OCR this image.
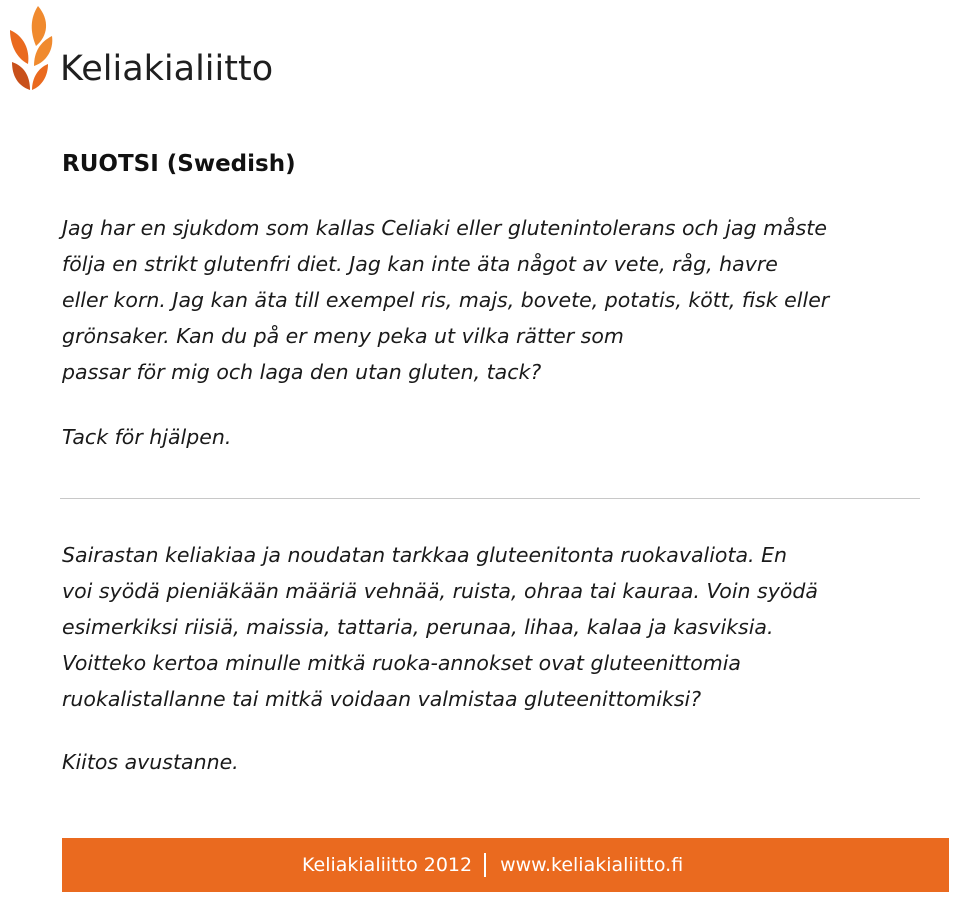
Keliakialiitto
RUOTSI (Swedish)
Jag har en sjukdom som kallas Celiaki eller glutenintolerans och jag måste
följa en strikt glutenfri diet. Jag kan inte äta något av vete, råg, havre
eller korn. Jag kan äta till exempel ris, majs, bovete, potatis, kött, fisk eller
grönsaker. Kan du på er meny peka ut vilka rätter som
passar för mig och laga den utan gluten, tack?
Tack för hjälpen.
Sairastan keliakiaa ja noudatan tarkkaa gluteenitonta ruokavaliota. En
voi syödä pieniäkään määriä vehnää, ruista, ohraa tai kauraa. Voin syödä
esimerkiksi riisiä, maissia, tattaria, perunaa, lihaa, kalaa ja kasviksia.
Voitteko kertoa minulle mitkä ruoka-annokset ovat gluteenittomia
ruokalistallanne tai mitkä voidaan valmistaa gluteenittomiksi?
Kiitos avustanne.
Keliakialiitto 2012 www.keliakialiitto.fi
